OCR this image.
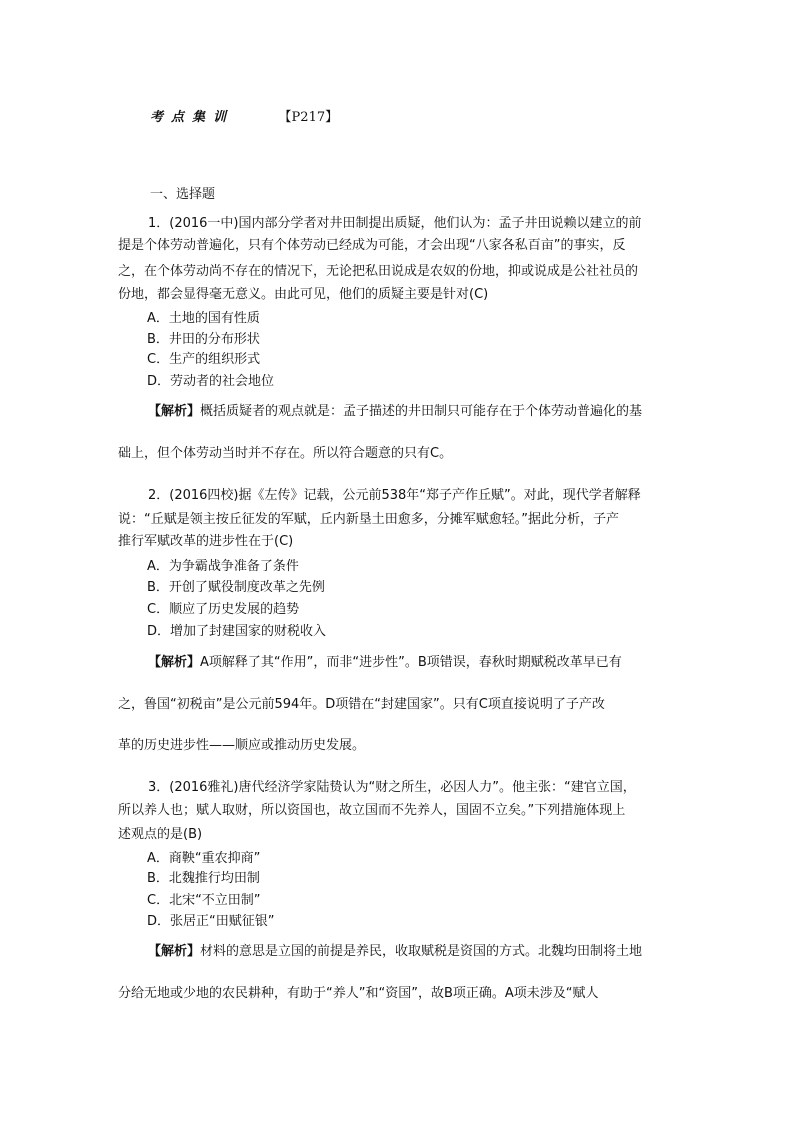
考点集训	【P217】
一、选择题
1．(2016一中)国内部分学者对井田制提出质疑，他们认为：孟子井田说赖以建立的前
提是个体劳动普遍化，只有个体劳动已经成为可能，才会出现“八家各私百亩”的事实，反
之，在个体劳动尚不存在的情况下，无论把私田说成是农奴的份地，抑或说成是公社社员的
份地，都会显得毫无意义。由此可见，他们的质疑主要是针对(C)
A．土地的国有性质
B．井田的分布形状
C．生产的组织形式
D．劳动者的社会地位
【解析】概括质疑者的观点就是：孟子描述的井田制只可能存在于个体劳动普遍化的基
础上，但个体劳动当时并不存在。所以符合题意的只有C。
2．(2016四校)据《左传》记载，公元前538年“郑子产作丘赋”。对此，现代学者解释
说：“丘赋是领主按丘征发的军赋，丘内新垦土田愈多，分摊军赋愈轻。”据此分析，子产
推行军赋改革的进步性在于(C)
A．为争霸战争准备了条件
B．开创了赋役制度改革之先例
C．顺应了历史发展的趋势
D．增加了封建国家的财税收入
【解析】A项解释了其“作用”，而非“进步性”。B项错误，春秋时期赋税改革早已有
之，鲁国“初税亩”是公元前594年。D项错在“封建国家”。只有C项直接说明了子产改
革的历史进步性——顺应或推动历史发展。
3．(2016雅礼)唐代经济学家陆贽认为“财之所生，必因人力”。他主张：“建官立国，
所以养人也；赋人取财，所以资国也，故立国而不先养人，国固不立矣。”下列措施体现上
述观点的是(B)
A．商鞅“重农抑商”
B．北魏推行均田制
C．北宋“不立田制”
D．张居正“田赋征银”
【解析】材料的意思是立国的前提是养民，收取赋税是资国的方式。北魏均田制将土地
分给无地或少地的农民耕种，有助于“养人”和“资国”，故B项正确。A项未涉及“赋人
